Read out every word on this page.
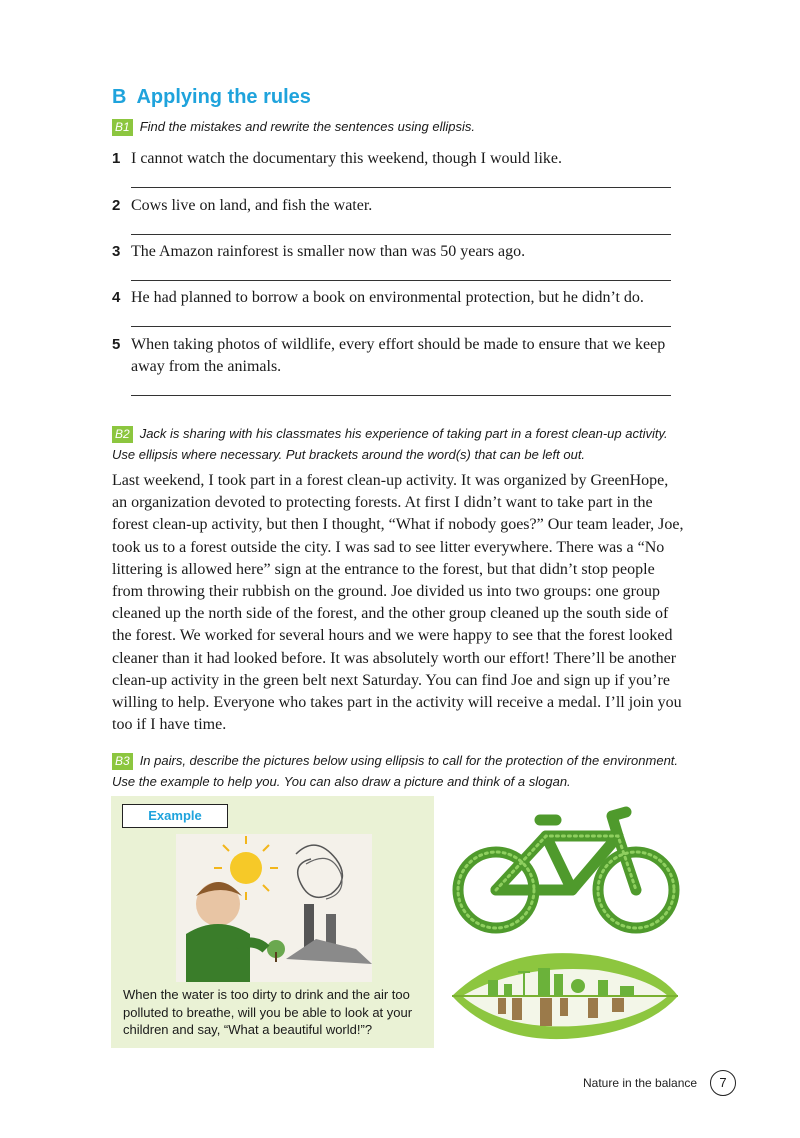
B Applying the rules
B1 Find the mistakes and rewrite the sentences using ellipsis.
1 I cannot watch the documentary this weekend, though I would like.
2 Cows live on land, and fish the water.
3 The Amazon rainforest is smaller now than was 50 years ago.
4 He had planned to borrow a book on environmental protection, but he didn’t do.
5 When taking photos of wildlife, every effort should be made to ensure that we keep away from the animals.
B2 Jack is sharing with his classmates his experience of taking part in a forest clean-up activity. Use ellipsis where necessary. Put brackets around the word(s) that can be left out.
Last weekend, I took part in a forest clean-up activity. It was organized by GreenHope, an organization devoted to protecting forests. At first I didn’t want to take part in the forest clean-up activity, but then I thought, “What if nobody goes?” Our team leader, Joe, took us to a forest outside the city. I was sad to see litter everywhere. There was a “No littering is allowed here” sign at the entrance to the forest, but that didn’t stop people from throwing their rubbish on the ground. Joe divided us into two groups: one group cleaned up the north side of the forest, and the other group cleaned up the south side of the forest. We worked for several hours and we were happy to see that the forest looked cleaner than it had looked before. It was absolutely worth our effort! There’ll be another clean-up activity in the green belt next Saturday. You can find Joe and sign up if you’re willing to help. Everyone who takes part in the activity will receive a medal. I’ll join you too if I have time.
B3 In pairs, describe the pictures below using ellipsis to call for the protection of the environment. Use the example to help you. You can also draw a picture and think of a slogan.
Example
When the water is too dirty to drink and the air too polluted to breathe, will you be able to look at your children and say, “What a beautiful world!”?
Nature in the balance	7
